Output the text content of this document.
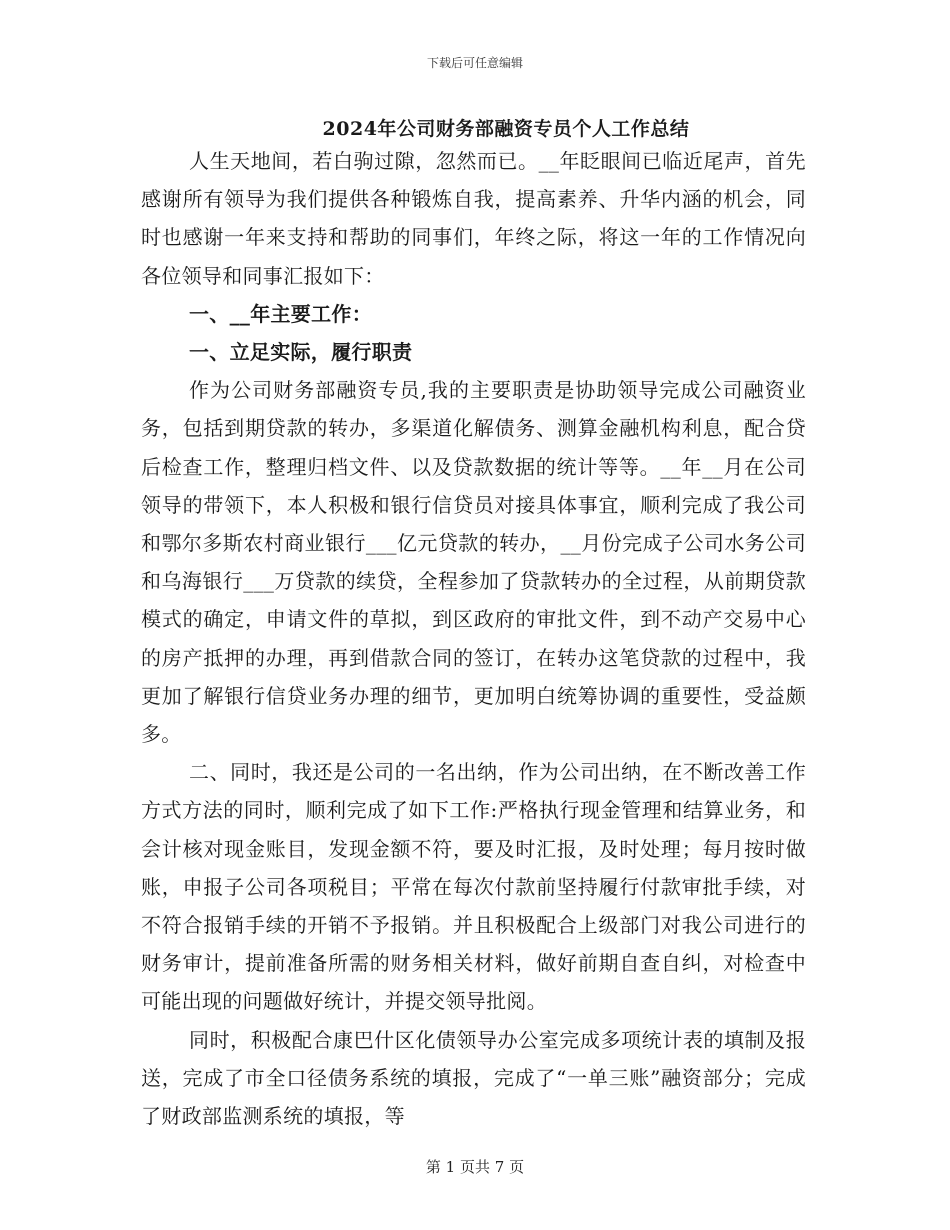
下载后可任意编辑
2024年公司财务部融资专员个人工作总结

人生天地间，若白驹过隙，忽然而已。__年眨眼间已临近尾声，首先感谢所有领导为我们提供各种锻炼自我，提高素养、升华内涵的机会，同时也感谢一年来支持和帮助的同事们，年终之际，将这一年的工作情况向各位领导和同事汇报如下：

一、__年主要工作：

一、立足实际，履行职责

作为公司财务部融资专员,我的主要职责是协助领导完成公司融资业务，包括到期贷款的转办，多渠道化解债务、测算金融机构利息，配合贷后检查工作，整理归档文件、以及贷款数据的统计等等。__年__月在公司领导的带领下，本人积极和银行信贷员对接具体事宜，顺利完成了我公司和鄂尔多斯农村商业银行___亿元贷款的转办，__月份完成子公司水务公司和乌海银行___万贷款的续贷，全程参加了贷款转办的全过程，从前期贷款模式的确定，申请文件的草拟，到区政府的审批文件，到不动产交易中心的房产抵押的办理，再到借款合同的签订，在转办这笔贷款的过程中，我更加了解银行信贷业务办理的细节，更加明白统筹协调的重要性，受益颇多。

二、同时，我还是公司的一名出纳，作为公司出纳，在不断改善工作方式方法的同时，顺利完成了如下工作:严格执行现金管理和结算业务，和会计核对现金账目，发现金额不符，要及时汇报，及时处理；每月按时做账，申报子公司各项税目；平常在每次付款前坚持履行付款审批手续，对不符合报销手续的开销不予报销。并且积极配合上级部门对我公司进行的财务审计，提前准备所需的财务相关材料，做好前期自查自纠，对检查中可能出现的问题做好统计，并提交领导批阅。

同时，积极配合康巴什区化债领导办公室完成多项统计表的填制及报送，完成了市全口径债务系统的填报，完成了“一单三账”融资部分；完成了财政部监测系统的填报，等

第 1 页共 7 页
